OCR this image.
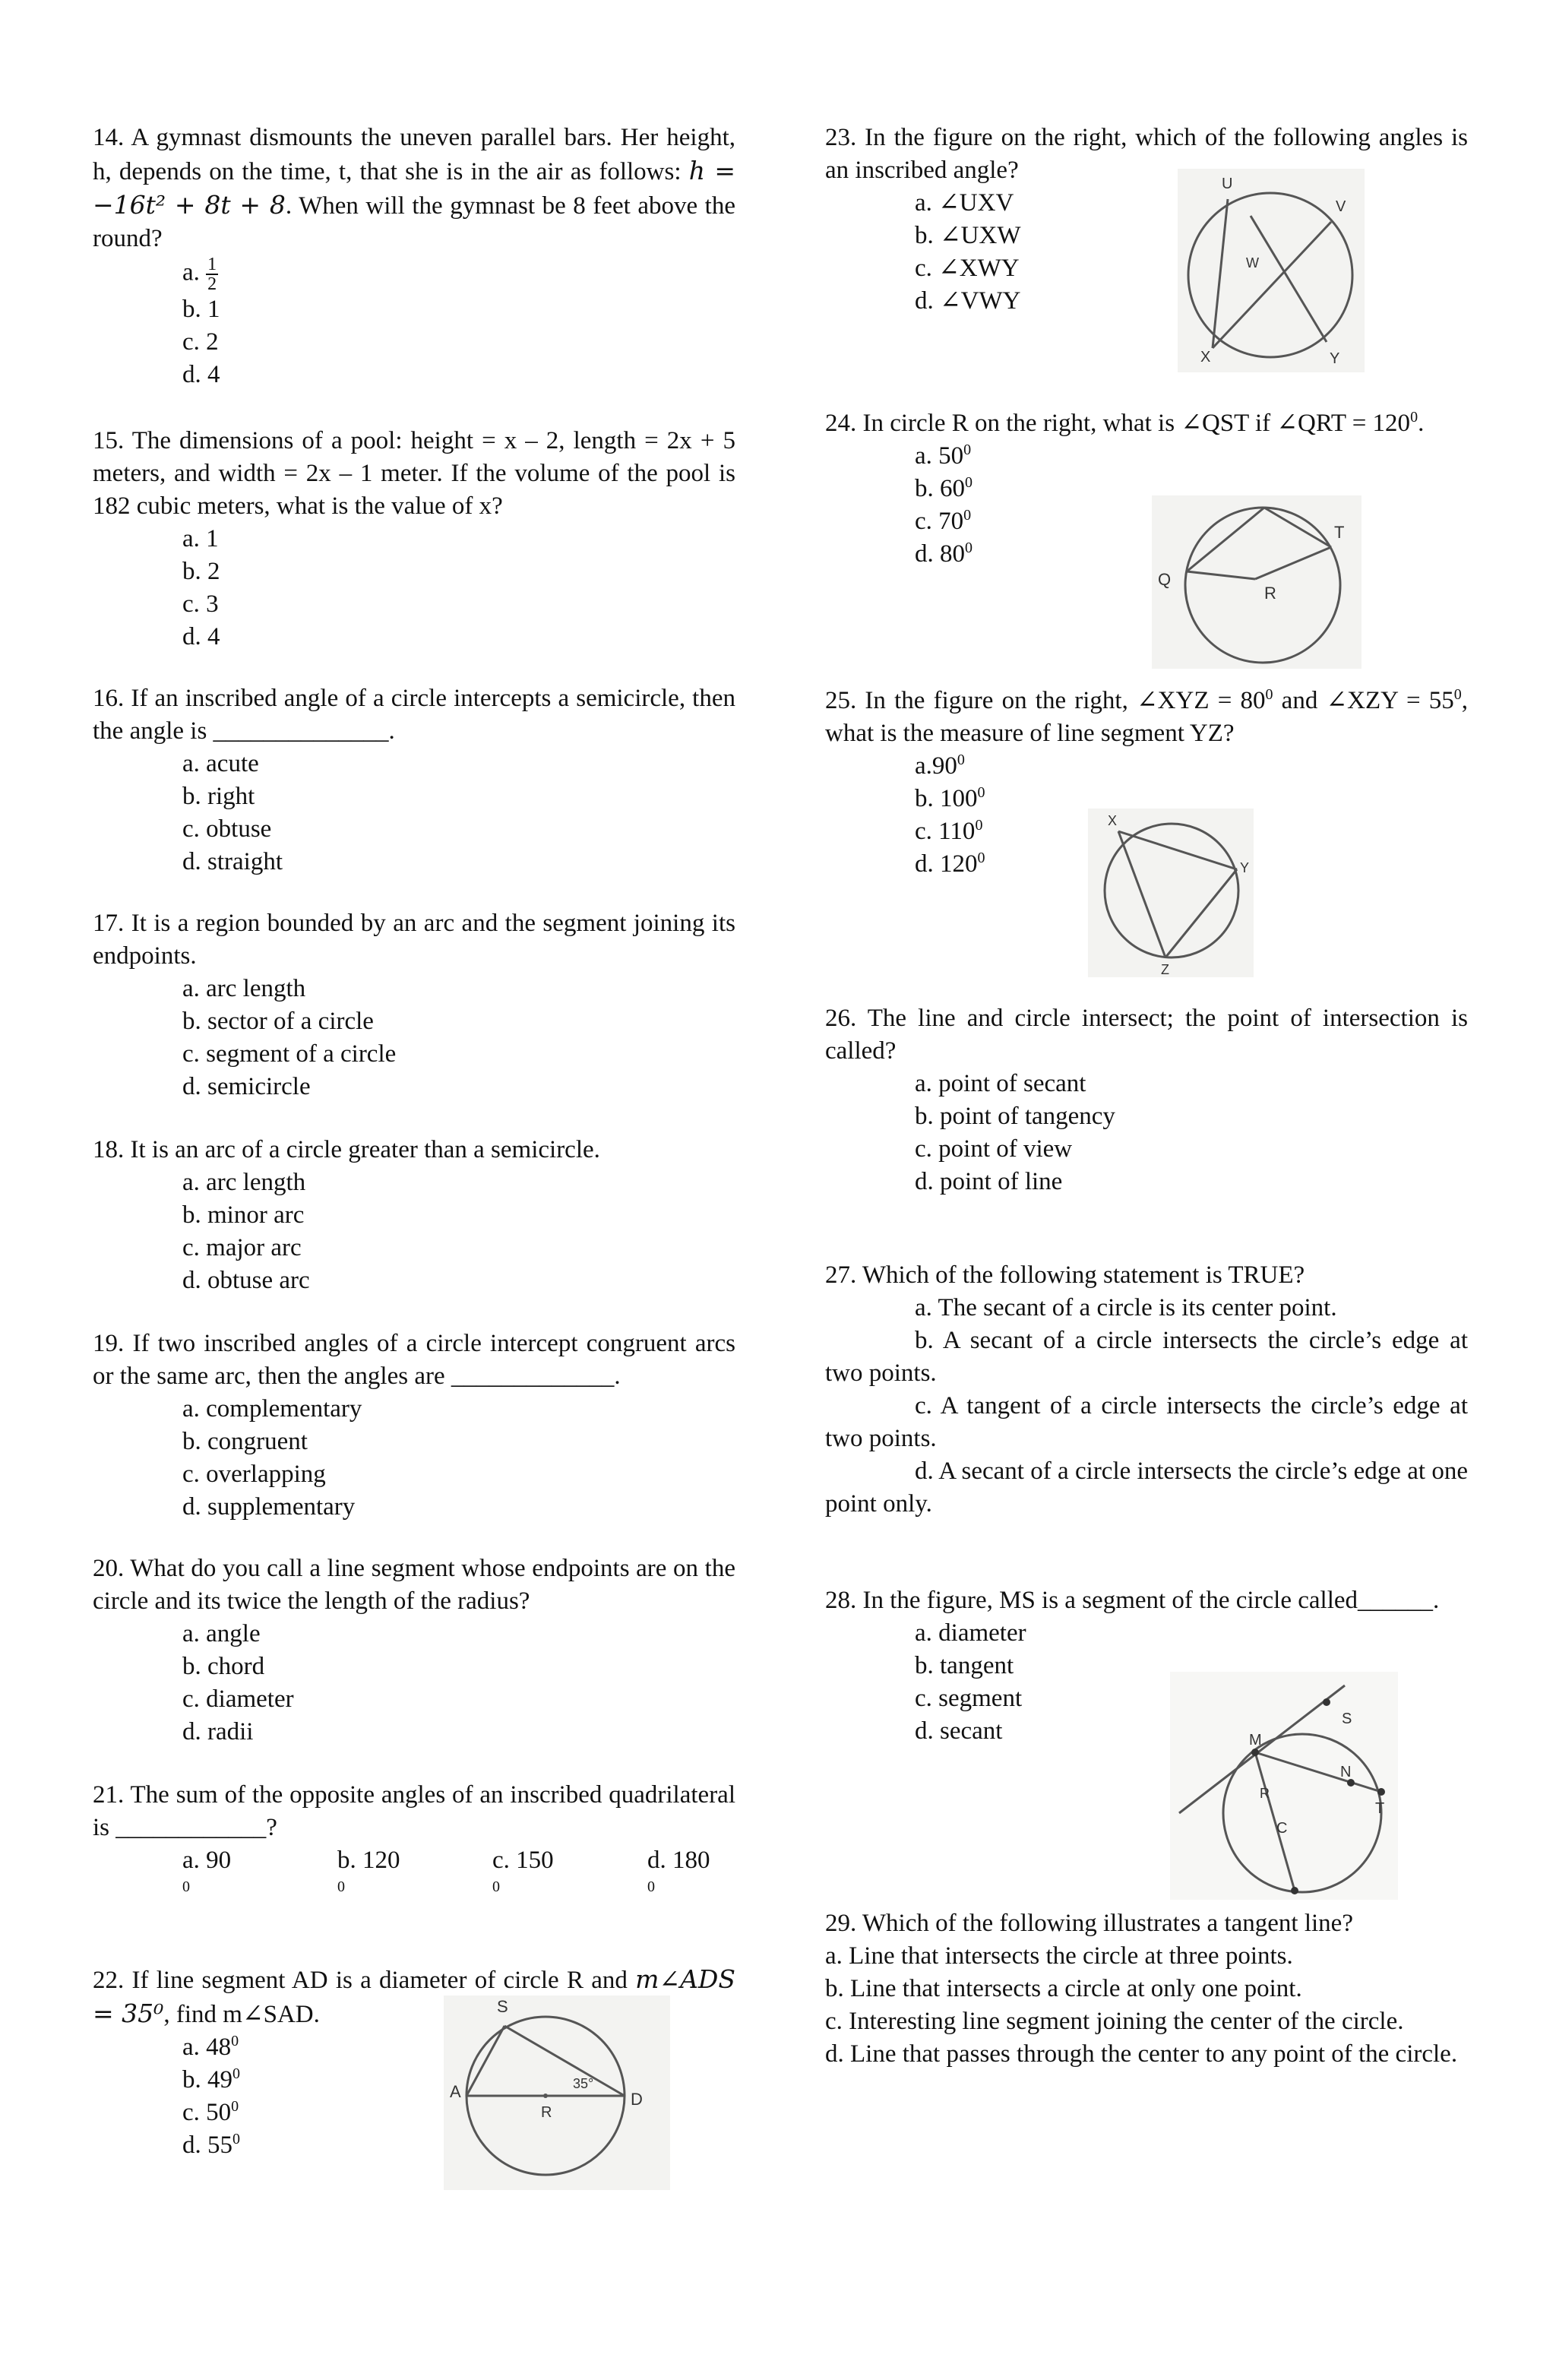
14. A gymnast dismounts the uneven parallel bars. Her height, h, depends on the time, t, that she is in the air as follows: h = −16t² + 8t + 8. When will the gymnast be 8 feet above the round?
a. $\frac{1}{2}$
b. 1
c. 2
d. 4
15. The dimensions of a pool: height = x – 2, length = 2x + 5 meters, and width = 2x – 1 meter. If the volume of the pool is 182 cubic meters, what is the value of x?
a. 1
b. 2
c. 3
d. 4
16. If an inscribed angle of a circle intercepts a semicircle, then the angle is ______________.
a. acute
b. right
c. obtuse
d. straight
17. It is a region bounded by an arc and the segment joining its endpoints.
a. arc length
b. sector of a circle
c. segment of a circle
d. semicircle
18. It is an arc of a circle greater than a semicircle.
a. arc length
b. minor arc
c. major arc
d. obtuse arc
19. If two inscribed angles of a circle intercept congruent arcs or the same arc, then the angles are _____________.
a. complementary
b. congruent
c. overlapping
d. supplementary
20. What do you call a line segment whose endpoints are on the circle and its twice the length of the radius?
a. angle
b. chord
c. diameter
d. radii
21. The sum of the opposite angles of an inscribed quadrilateral is ____________?
a. $90^0$
b. $120^0$
c. $150^0$
d. $180^0$
22. If line segment AD is a diameter of circle R and m∠ADS = 35⁰, find m∠SAD.
a. $48^0$
b. $49^0$
c. $50^0$
d. $55^0$
23. In the figure on the right, which of the following angles is an inscribed angle?
a. ∠UXV
b. ∠UXW
c. ∠XWY
d. ∠VWY
24. In circle R on the right, what is ∠QST if ∠QRT = $120^0$.
a. $50^0$
b. $60^0$
c. $70^0$
d. $80^0$
25. In the figure on the right, ∠XYZ = $80^0$ and ∠XZY = $55^0$, what is the measure of line segment YZ?
$a.90^0$
b. $100^0$
c. $110^0$
d. $120^0$
26. The line and circle intersect; the point of intersection is called?
a. point of secant
b. point of tangency
c. point of view
d. point of line
27. Which of the following statement is TRUE?
a. The secant of a circle is its center point.
b. A secant of a circle intersects the circle’s edge at two points.
c. A tangent of a circle intersects the circle’s edge at two points.
d. A secant of a circle intersects the circle’s edge at one point only.
28. In the figure, MS is a segment of the circle called______.
a. diameter
b. tangent
c. segment
d. secant
29. Which of the following illustrates a tangent line?
a. Line that intersects the circle at three points.
b. Line that intersects a circle at only one point.
c. Interesting line segment joining the center of the circle.
d. Line that passes through the center to any point of the circle.
S
A	D
R
35°
U
V
W
X	Y
Q
R
T
X
Y
Z
M
S
N
T
R
C
